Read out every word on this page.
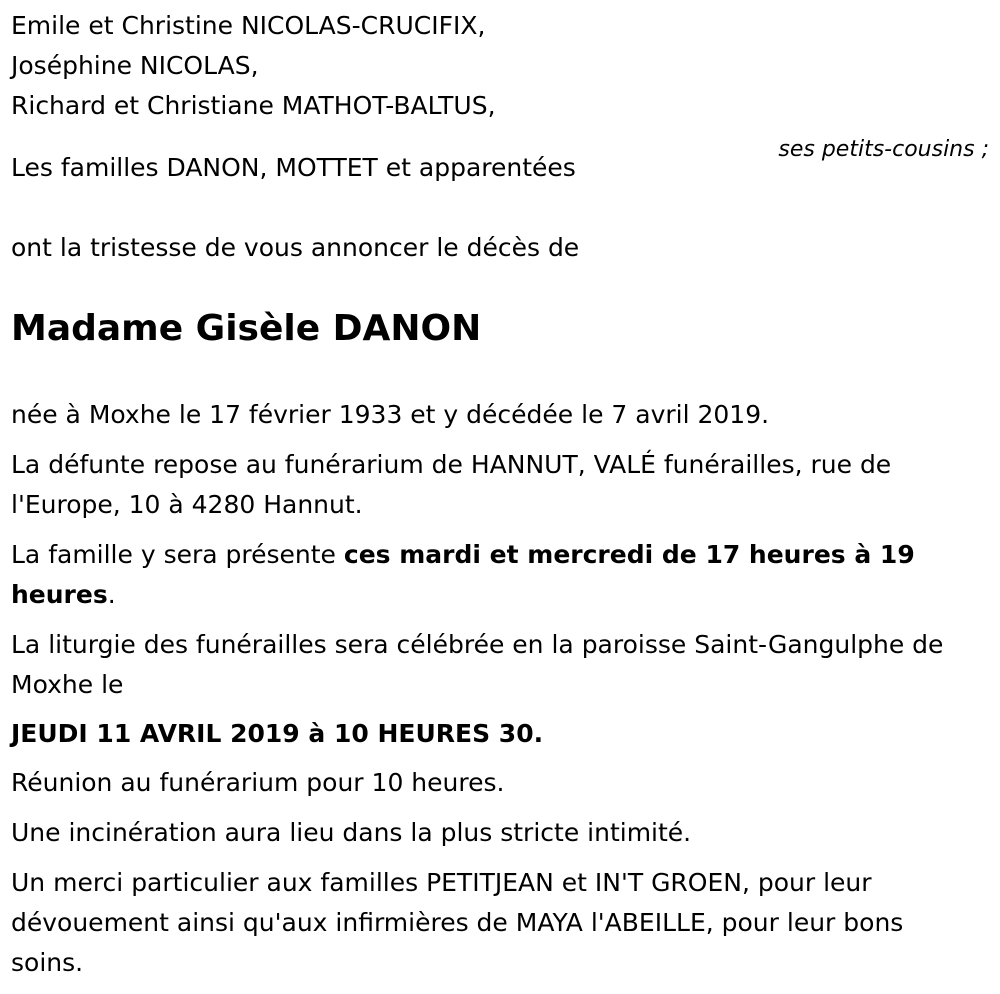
Emile et Christine NICOLAS-CRUCIFIX,

Joséphine NICOLAS,

Richard et Christiane MATHOT-BALTUS,

ses petits-cousins ;

Les familles DANON, MOTTET et apparentées

ont la tristesse de vous annoncer le décès de

Madame Gisèle DANON

née à Moxhe le 17 février 1933 et y décédée le 7 avril 2019.

La défunte repose au funérarium de HANNUT, VALÉ funérailles, rue de l'Europe, 10 à 4280 Hannut.

La famille y sera présente ces mardi et mercredi de 17 heures à 19 heures.

La liturgie des funérailles sera célébrée en la paroisse Saint-Gangulphe de Moxhe le

JEUDI 11 AVRIL 2019 à 10 HEURES 30.

Réunion au funérarium pour 10 heures.

Une incinération aura lieu dans la plus stricte intimité.

Un merci particulier aux familles PETITJEAN et IN'T GROEN, pour leur dévouement ainsi qu'aux infirmières de MAYA l'ABEILLE, pour leur bons soins.
